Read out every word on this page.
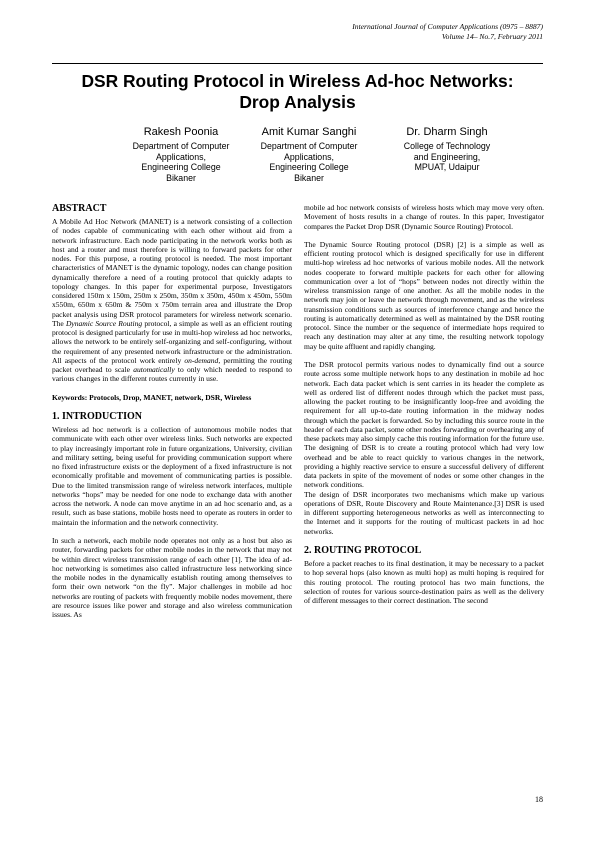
International Journal of Computer Applications (0975 – 8887)
Volume 14– No.7, February 2011
DSR Routing Protocol in Wireless Ad-hoc Networks:
Drop Analysis
Rakesh Poonia
Department of Computer
Applications,
Engineering College
Bikaner
Amit Kumar Sanghi
Department of Computer
Applications,
Engineering College
Bikaner
Dr. Dharm Singh
College of Technology
and Engineering,
MPUAT, Udaipur
ABSTRACT

A Mobile Ad Hoc Network (MANET) is a network consisting of a collection of nodes capable of communicating with each other without aid from a network infrastructure. Each node participating in the network works both as host and a router and must therefore is willing to forward packets for other nodes. For this purpose, a routing protocol is needed. The most important characteristics of MANET is the dynamic topology, nodes can change position dynamically therefore a need of a routing protocol that quickly adapts to topology changes. In this paper for experimental purpose, Investigators considered 150m x 150m, 250m x 250m, 350m x 350m, 450m x 450m, 550m x550m, 650m x 650m & 750m x 750m terrain area and illustrate the Drop packet analysis using DSR protocol parameters for wireless network scenario. The Dynamic Source Routing protocol, a simple as well as an efficient routing protocol is designed particularly for use in multi-hop wireless ad hoc networks, allows the network to be entirely self-organizing and self-configuring, without the requirement of any presented network infrastructure or the administration. All aspects of the protocol work entirely on-demand, permitting the routing packet overhead to scale automatically to only which needed to respond to various changes in the different routes currently in use.

Keywords: Protocols, Drop, MANET, network, DSR, Wireless

1. INTRODUCTION

Wireless ad hoc network is a collection of autonomous mobile nodes that communicate with each other over wireless links. Such networks are expected to play increasingly important role in future organizations, University, civilian and military setting, being useful for providing communication support where no fixed infrastructure exists or the deployment of a fixed infrastructure is not economically profitable and movement of communicating parties is possible. Due to the limited transmission range of wireless network interfaces, multiple networks “hops” may be needed for one node to exchange data with another across the network. A node can move anytime in an ad hoc scenario and, as a result, such as base stations, mobile hosts need to operate as routers in order to maintain the information and the network connectivity.

In such a network, each mobile node operates not only as a host but also as router, forwarding packets for other mobile nodes in the network that may not be within direct wireless transmission range of each other [1]. The idea of ad-hoc networking is sometimes also called infrastructure less networking since the mobile nodes in the dynamically establish routing among themselves to form their own network “on the fly”. Major challenges in mobile ad hoc networks are routing of packets with frequently mobile nodes movement, there are resource issues like power and storage and also wireless communication issues. As

mobile ad hoc network consists of wireless hosts which may move very often. Movement of hosts results in a change of routes. In this paper, Investigator compares the Packet Drop DSR (Dynamic Source Routing) Protocol.

The Dynamic Source Routing protocol (DSR) [2] is a simple as well as efficient routing protocol which is designed specifically for use in different multi-hop wireless ad hoc networks of various mobile nodes. All the network nodes cooperate to forward multiple packets for each other for allowing communication over a lot of “hops” between nodes not directly within the wireless transmission range of one another. As all the mobile nodes in the network may join or leave the network through movement, and as the wireless transmission conditions such as sources of interference change and hence the routing is automatically determined as well as maintained by the DSR routing protocol. Since the number or the sequence of intermediate hops required to reach any destination may alter at any time, the resulting network topology may be quite affluent and rapidly changing.

The DSR protocol permits various nodes to dynamically find out a source route across some multiple network hops to any destination in mobile ad hoc network. Each data packet which is sent carries in its header the complete as well as ordered list of different nodes through which the packet must pass, allowing the packet routing to be insignificantly loop-free and avoiding the requirement for all up-to-date routing information in the midway nodes through which the packet is forwarded. So by including this source route in the header of each data packet, some other nodes forwarding or overhearing any of these packets may also simply cache this routing information for the future use.

The designing of DSR is to create a routing protocol which had very low overhead and be able to react quickly to various changes in the network, providing a highly reactive service to ensure a successful delivery of different data packets in spite of the movement of nodes or some other changes in the network conditions.

The design of DSR incorporates two mechanisms which make up various operations of DSR, Route Discovery and Route Maintenance.[3] DSR is used in different supporting heterogeneous networks as well as interconnecting to the Internet and it supports for the routing of multicast packets in ad hoc networks.

2. ROUTING PROTOCOL

Before a packet reaches to its final destination, it may be necessary to a packet to hop several hops (also known as multi hop) as multi hoping is required for this routing protocol. The routing protocol has two main functions, the selection of routes for various source-destination pairs as well as the delivery of different messages to their correct destination. The second

18
